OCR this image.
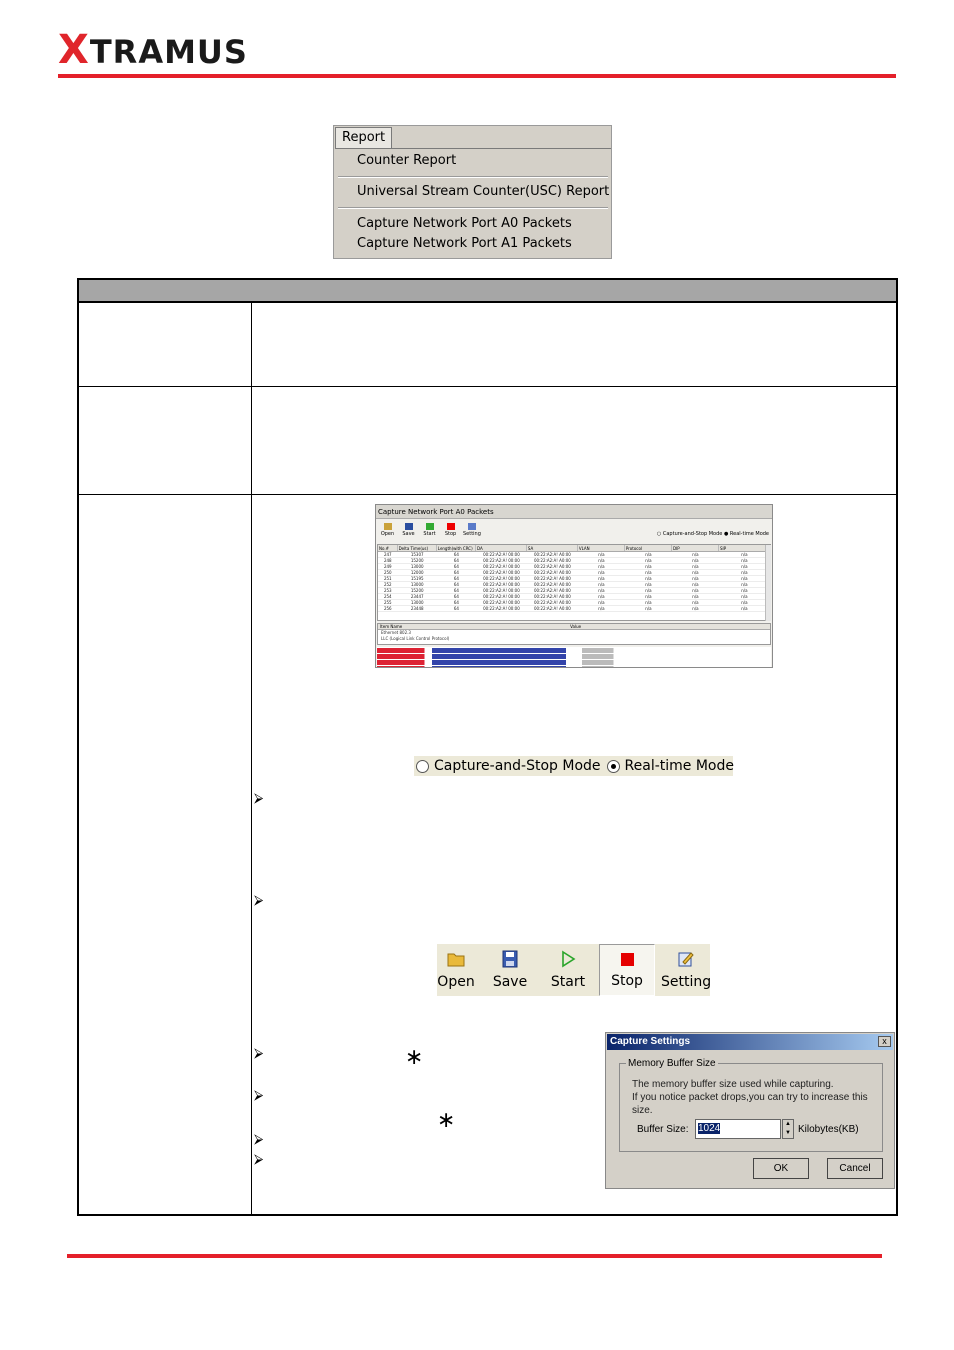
XTRAMUS
Report
Counter Report
Universal Stream Counter(USC) Report
Capture Network Port A0 Packets
Capture Network Port A1 Packets
Capture Network Port A0 Packets
Open	Save	Start	Stop	Setting	○ Capture-and-Stop Mode ● Real-time Mode
No.#	Delta Time(us)	Length(with CRC)	DA	SA	VLAN	Protocol	DIP	SIP
247	15307	64	00:22:A2:A! 00:00	00:22:A2:A! A0:00	n/a	n/a	n/a	n/a
248	15200	64	00:22:A2:A! 00:00	00:22:A2:A! A0:00	n/a	n/a	n/a	n/a
249	13000	64	00:22:A2:A! 00:00	00:22:A2:A! A0:00	n/a	n/a	n/a	n/a
250	12000	64	00:22:A2:A! 00:00	00:22:A2:A! A0:00	n/a	n/a	n/a	n/a
251	15195	64	00:22:A2:A! 00:00	00:22:A2:A! A0:00	n/a	n/a	n/a	n/a
252	13000	64	00:22:A2:A! 00:00	00:22:A2:A! A0:00	n/a	n/a	n/a	n/a
253	15200	64	00:22:A2:A! 00:00	00:22:A2:A! A0:00	n/a	n/a	n/a	n/a
254	23447	64	00:22:A2:A! 00:00	00:22:A2:A! A0:00	n/a	n/a	n/a	n/a
255	13000	64	00:22:A2:A! 00:00	00:22:A2:A! A0:00	n/a	n/a	n/a	n/a
256	23448	64	00:22:A2:A! 00:00	00:22:A2:A! A0:00	n/a	n/a	n/a	n/a
Item Name	Value
Ethernet 802.3
LLC (Logical Link Control Protocol)
Capture-and-Stop Mode Real-time Mode
⮚
⮚
⮚
⮚
⮚
⮚
∗
∗
Open Save Start	Stop	Setting
Capture Settings	x
Memory Buffer Size
The memory buffer size used while capturing.
If you notice packet drops,you can try to increase this
size.
Buffer Size: 1024	▲
▼ Kilobytes(KB)
OK	Cancel
